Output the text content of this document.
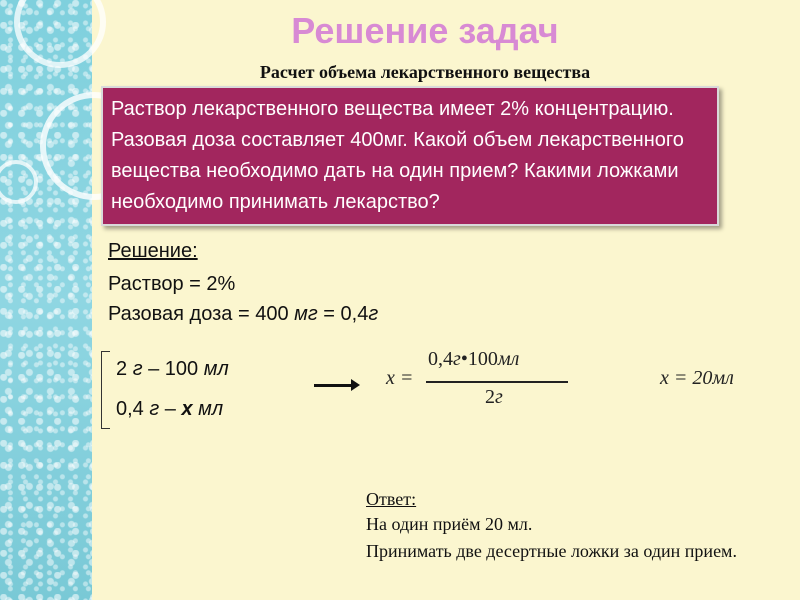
Решение задач
Расчет объема лекарственного вещества

Раствор лекарственного вещества имеет 2% концентрацию. Разовая доза составляет 400мг. Какой объем лекарственного вещества необходимо дать на один прием? Какими ложками необходимо принимать лекарство?

Решение:
Раствор = 2%
Разовая доза = 400 мг = 0,4г
2 г – 100 мл
0,4 г – х мл
x =
0,4г•100мл
2г
x = 20мл
Ответ:
На один приём 20 мл.
Принимать две десертные ложки за один прием.
